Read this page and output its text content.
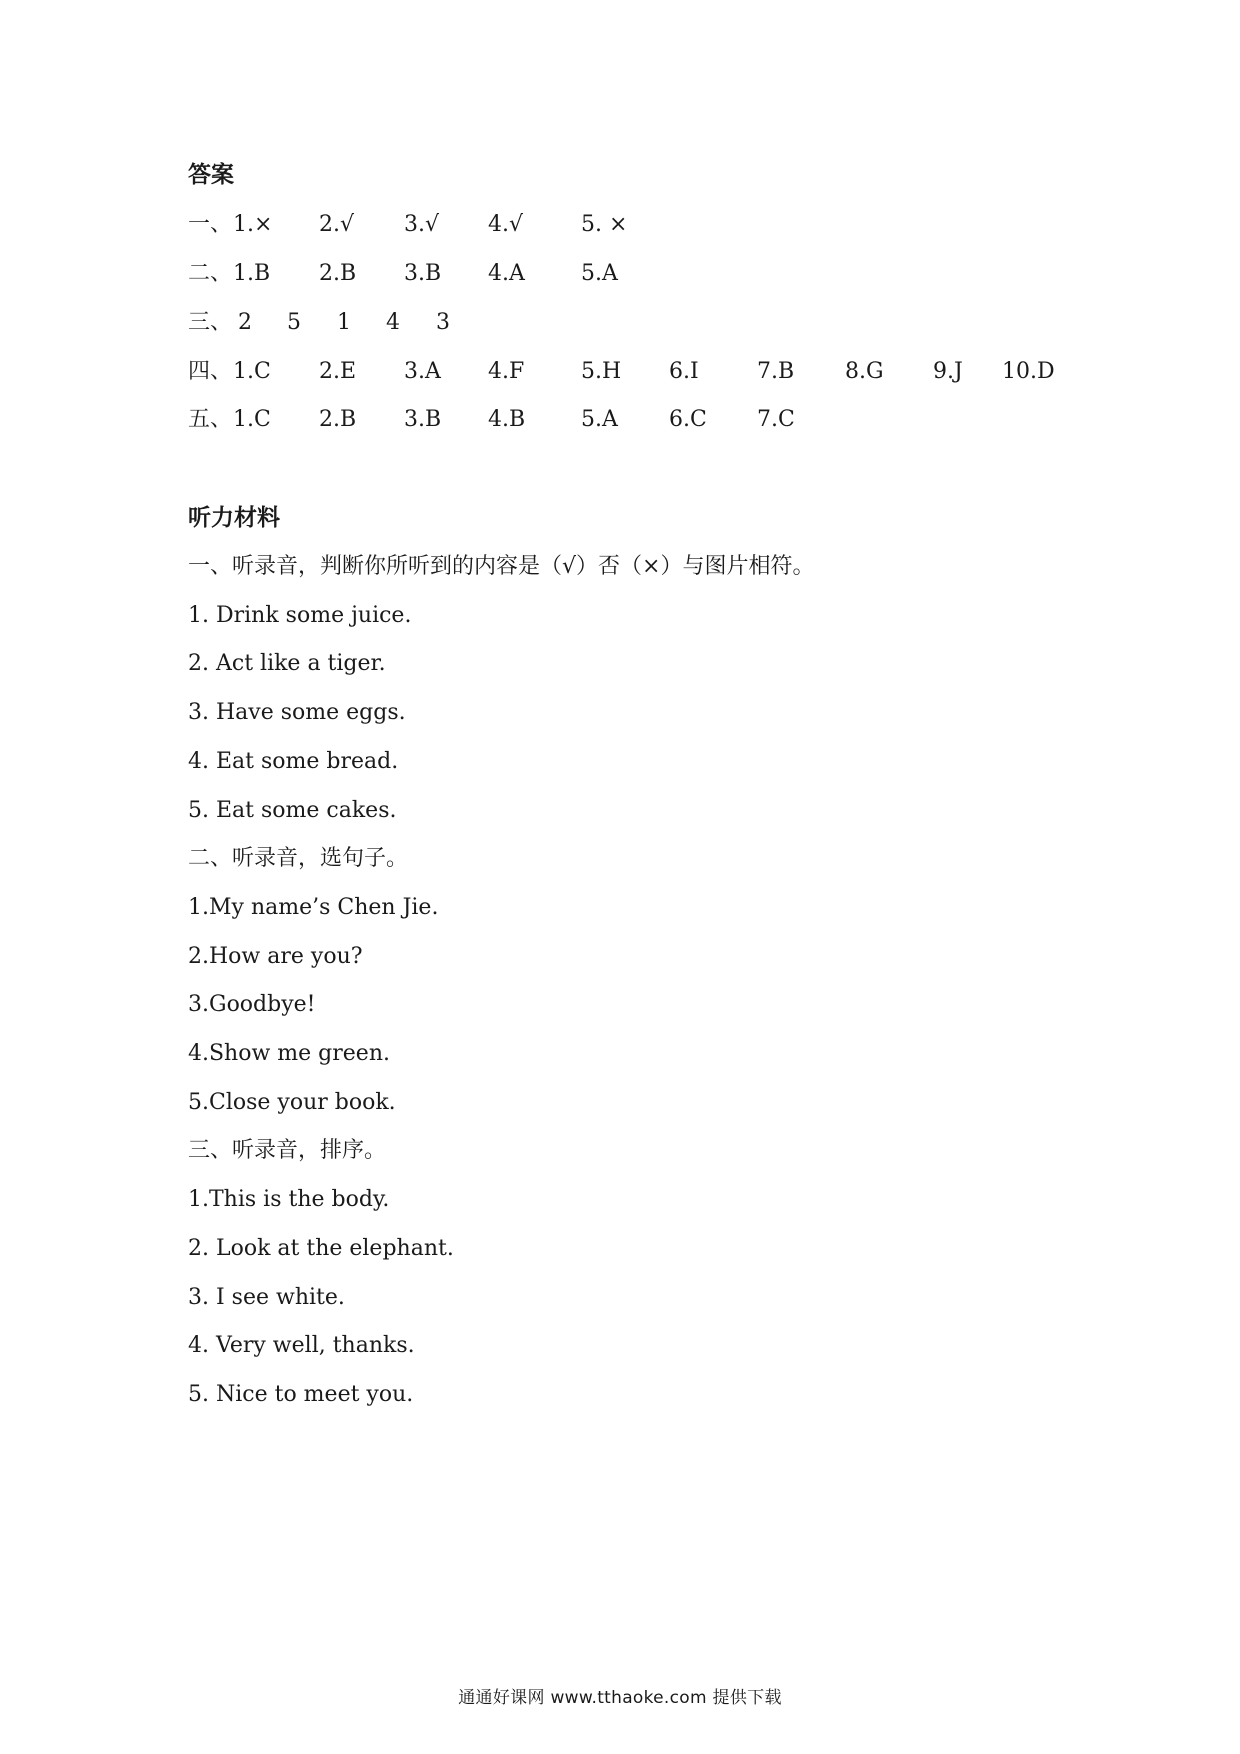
答案
一、 1.× 2.√ 3.√ 4.√	5. ×
二、 1.B 2.B 3.B 4.A	5.A
三、 2 5 1 4 3
四、 1.C 2.E 3.A 4.F	5.H 6.I	7.B 8.G 9.J 10.D
五、 1.C 2.B 3.B 4.B	5.A 6.C 7.C
听力材料
一、听录音，判断你所听到的内容是（√）否（×）与图片相符。
1. Drink some juice.
2. Act like a tiger.
3. Have some eggs.
4. Eat some bread.
5. Eat some cakes.
二、听录音，选句子。
1.My name’s Chen Jie.
2.How are you?
3.Goodbye!
4.Show me green.
5.Close your book.
三、听录音，排序。
1.This is the body.
2. Look at the elephant.
3. I see white.
4. Very well, thanks.
5. Nice to meet you.
通通好课网 www.tthaoke.com 提供下载
